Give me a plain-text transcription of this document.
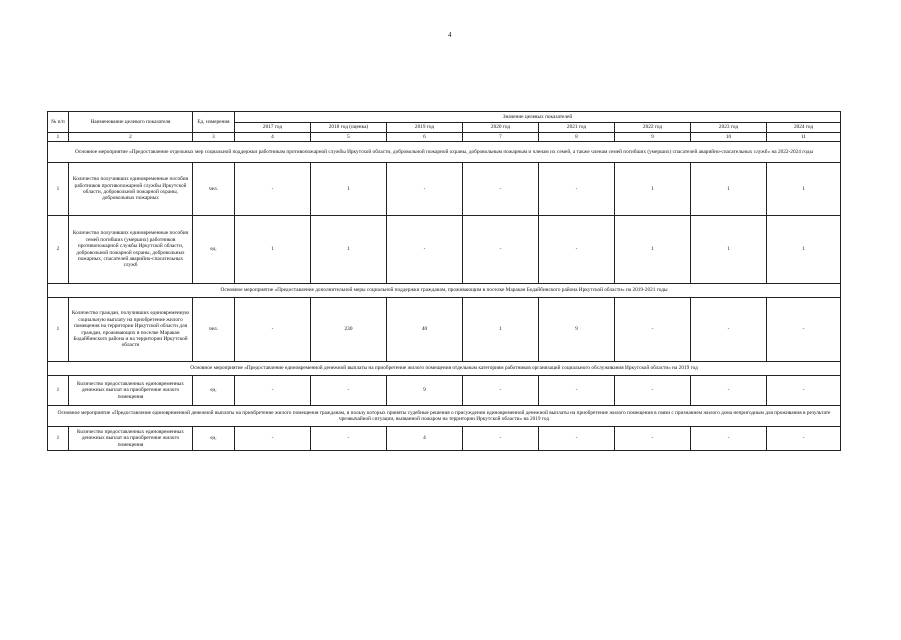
4
№ п/п	Наименование целевого показателя	Ед. измерения	Значение целевых показателей							
			2017 год	2018 год (оценка)	2019 год	2020 год	2021 год	2022 год	2023 год	2024 год
1	2	3	4	5	6	7	8	9	10	11
Основное мероприятие «Предоставление отдельных мер социальной поддержки работникам противопожарной службы Иркутской области, добровольной пожарной охраны, добровольным пожарным и членам их семей, а также членам семей погибших (умерших) спасателей аварийно-спасательных служб» на 2022-2024 годы										
1	Количество получивших единовременные пособия работников противопожарной службы Иркутской области, добровольной пожарной охраны, добровольных пожарных	чел.	-	1	-	-	-	1	1	1
2	Количество получивших единовременные пособия семей погибших (умерших) работников противопожарной службы Иркутской области, добровольной пожарной охраны, добровольных пожарных, спасателей аварийно-спасательных служб	ед.	1	1	-	-	-	1	1	1
Основное мероприятие «Предоставление дополнительной меры социальной поддержки гражданам, проживающим в поселке Маракан Бодайбинского района Иркутской области» на 2019-2021 годы										
1	Количество граждан, получивших единовременную социальную выплату на приобретение жилого помещения на территории Иркутской области для граждан, проживающих в поселке Маракан Бодайбинского района и на территории Иркутской области	чел.	-	230	40	1	9	-	-	-
Основное мероприятие «Предоставление единовременной денежной выплаты на приобретение жилого помещения отдельным категориям работников организаций социального обслуживания Иркутской области» на 2019 год										
1	Количество предоставленных единовременных денежных выплат на приобретение жилого помещения	ед.	-	-	9	-	-	-	-	-
Основное мероприятие «Предоставление единовременной денежной выплаты на приобретение жилого помещения гражданам, в пользу которых приняты судебные решения о присуждении единовременной денежной выплаты на приобретение жилого помещения в связи с признанием жилого дома непригодным для проживания в результате чрезвычайной ситуации, вызванной пожаром на территории Иркутской области» на 2019 год										
1	Количество предоставленных единовременных денежных выплат на приобретение жилого помещения	ед.	-	-	4	-	-	-	-	-
